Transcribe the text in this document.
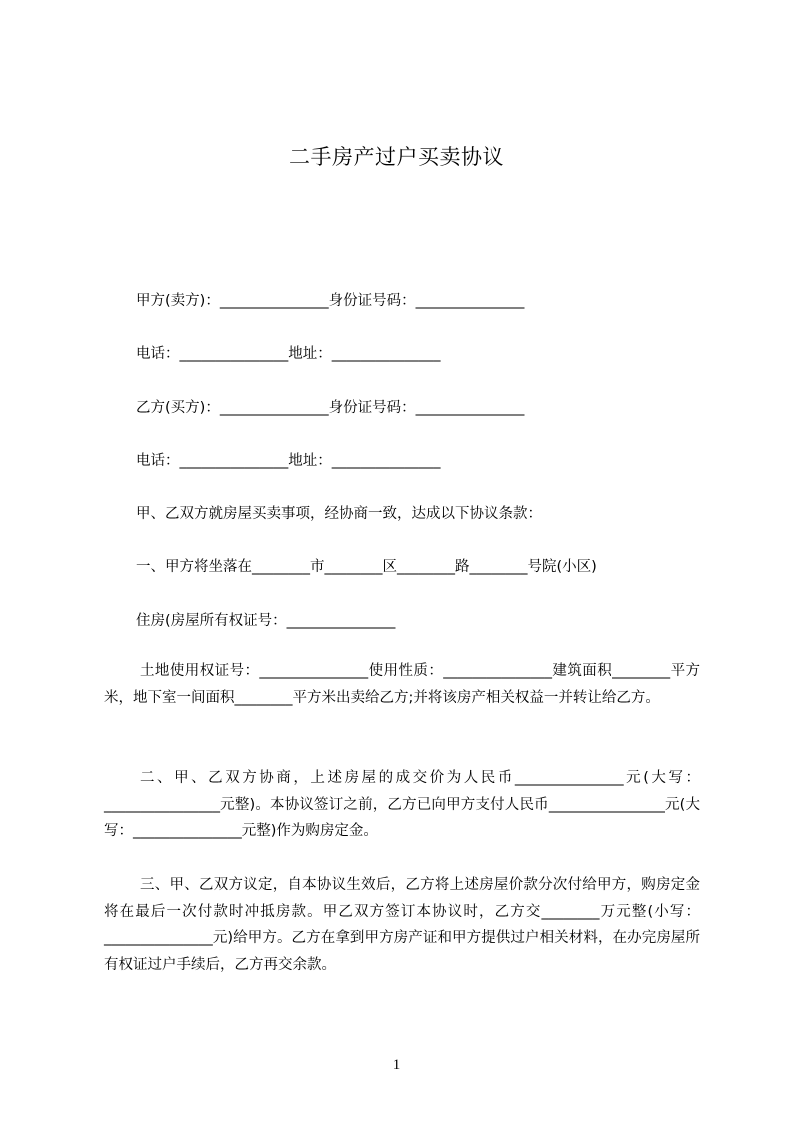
二手房产过户买卖协议
甲方(卖方)：_______________身份证号码：_______________
电话：_______________地址：_______________
乙方(买方)：_______________身份证号码：_______________
电话：_______________地址：_______________
甲、乙双方就房屋买卖事项，经协商一致，达成以下协议条款：
一、甲方将坐落在________市________区________路________号院(小区)
住房(房屋所有权证号：_______________
土地使用权证号：_______________使用性质：_______________建筑面积________平方米，地下室一间面积________平方米出卖给乙方;并将该房产相关权益一并转让给乙方。
二、甲、乙双方协商，上述房屋的成交价为人民币_______________元(大写：________________元整)。本协议签订之前，乙方已向甲方支付人民币________________元(大写：_______________元整)作为购房定金。
三、甲、乙双方议定，自本协议生效后，乙方将上述房屋价款分次付给甲方，购房定金将在最后一次付款时冲抵房款。甲乙双方签订本协议时，乙方交________万元整(小写：_______________元)给甲方。乙方在拿到甲方房产证和甲方提供过户相关材料，在办完房屋所有权证过户手续后，乙方再交余款。
1
